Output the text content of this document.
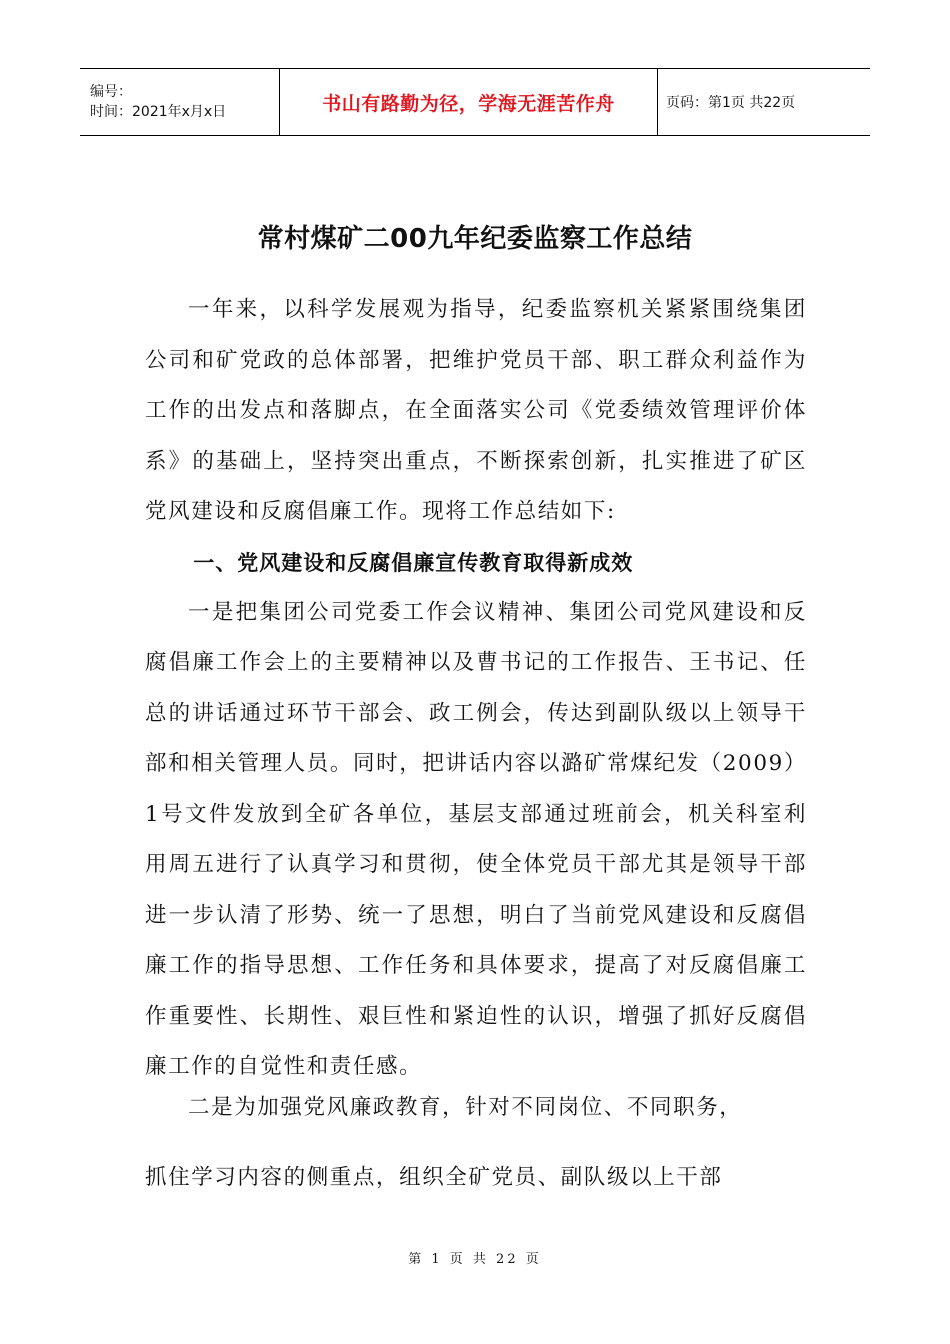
编号：
时间：2021年x月x日	书山有路勤为径，学海无涯苦作舟	页码：第1页 共22页
常村煤矿二00九年纪委监察工作总结

一年来，以科学发展观为指导，纪委监察机关紧紧围绕集团公司和矿党政的总体部署，把维护党员干部、职工群众利益作为工作的出发点和落脚点，在全面落实公司《党委绩效管理评价体系》的基础上，坚持突出重点，不断探索创新，扎实推进了矿区党风建设和反腐倡廉工作。现将工作总结如下:

一、党风建设和反腐倡廉宣传教育取得新成效

一是把集团公司党委工作会议精神、集团公司党风建设和反腐倡廉工作会上的主要精神以及曹书记的工作报告、王书记、任总的讲话通过环节干部会、政工例会，传达到副队级以上领导干部和相关管理人员。同时，把讲话内容以潞矿常煤纪发（2009）1号文件发放到全矿各单位，基层支部通过班前会，机关科室利用周五进行了认真学习和贯彻，使全体党员干部尤其是领导干部进一步认清了形势、统一了思想，明白了当前党风建设和反腐倡廉工作的指导思想、工作任务和具体要求，提高了对反腐倡廉工作重要性、长期性、艰巨性和紧迫性的认识，增强了抓好反腐倡廉工作的自觉性和责任感。

二是为加强党风廉政教育，针对不同岗位、不同职务，
抓住学习内容的侧重点，组织全矿党员、副队级以上干部
第 1 页 共 22 页
